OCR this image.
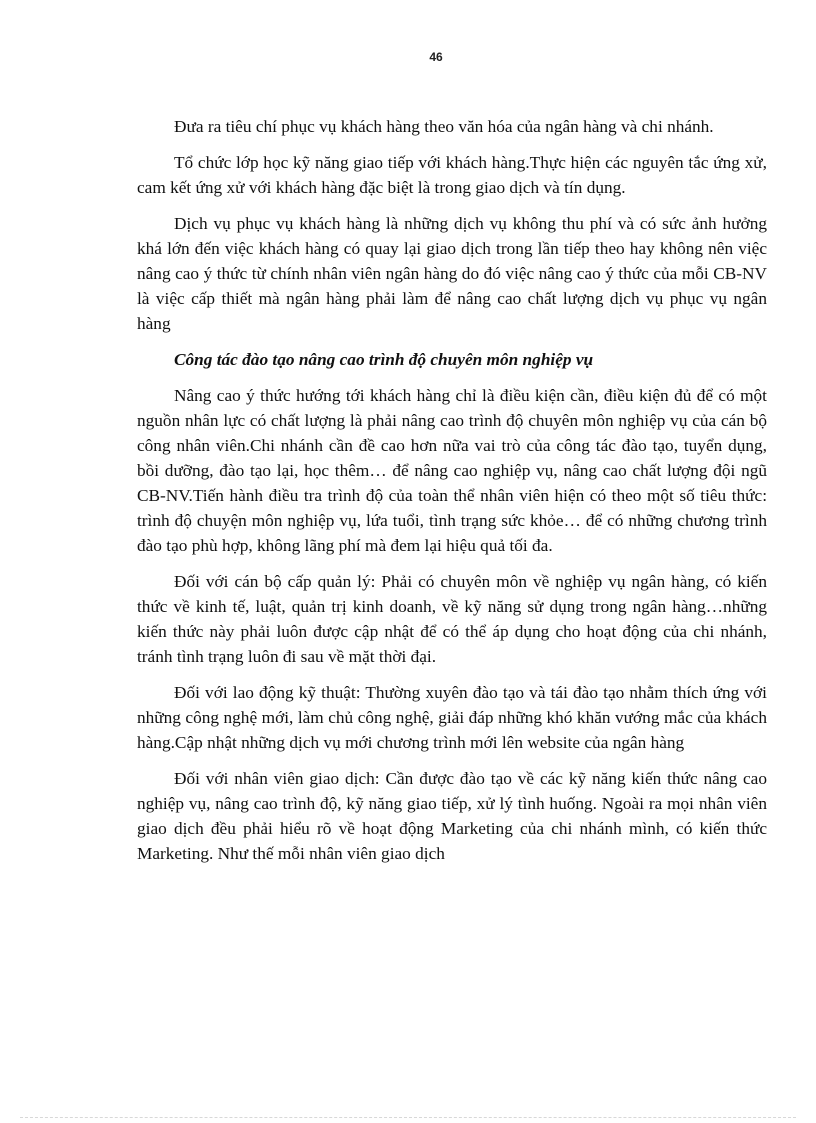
46

Đưa ra tiêu chí phục vụ khách hàng theo văn hóa của ngân hàng và chi nhánh.

Tổ chức lớp học kỹ năng giao tiếp với khách hàng.Thực hiện các nguyên tắc ứng xử, cam kết ứng xử với khách hàng đặc biệt là trong giao dịch và tín dụng.

Dịch vụ phục vụ khách hàng là những dịch vụ không thu phí và có sức ảnh hưởng khá lớn đến việc khách hàng có quay lại giao dịch trong lần tiếp theo hay không nên việc nâng cao ý thức từ chính nhân viên ngân hàng do đó việc nâng cao ý thức của mỗi CB-NV là việc cấp thiết mà ngân hàng phải làm để nâng cao chất lượng dịch vụ phục vụ ngân hàng

Công tác đào tạo nâng cao trình độ chuyên môn nghiệp vụ

Nâng cao ý thức hướng tới khách hàng chỉ là điều kiện cần, điều kiện đủ để có một nguồn nhân lực có chất lượng là phải nâng cao trình độ chuyên môn nghiệp vụ của cán bộ công nhân viên.Chi nhánh cần đề cao hơn nữa vai trò của công tác đào tạo, tuyển dụng, bồi dưỡng, đào tạo lại, học thêm… để nâng cao nghiệp vụ, nâng cao chất lượng đội ngũ CB-NV.Tiến hành điều tra trình độ của toàn thể nhân viên hiện có theo một số tiêu thức: trình độ chuyện môn nghiệp vụ, lứa tuổi, tình trạng sức khỏe… để có những chương trình đào tạo phù hợp, không lãng phí mà đem lại hiệu quả tối đa.

Đối với cán bộ cấp quản lý: Phải có chuyên môn về nghiệp vụ ngân hàng, có kiến thức về kinh tế, luật, quản trị kinh doanh, về kỹ năng sử dụng trong ngân hàng…những kiến thức này phải luôn được cập nhật để có thể áp dụng cho hoạt động của chi nhánh, tránh tình trạng luôn đi sau về mặt thời đại.

Đối với lao động kỹ thuật: Thường xuyên đào tạo và tái đào tạo nhằm thích ứng với những công nghệ mới, làm chủ công nghệ, giải đáp những khó khăn vướng mắc của khách hàng.Cập nhật những dịch vụ mới chương trình mới lên website của ngân hàng

Đối với nhân viên giao dịch: Cần được đào tạo về các kỹ năng kiến thức nâng cao nghiệp vụ, nâng cao trình độ, kỹ năng giao tiếp, xử lý tình huống. Ngoài ra mọi nhân viên giao dịch đều phải hiểu rõ về hoạt động Marketing của chi nhánh mình, có kiến thức Marketing. Như thế mỗi nhân viên giao dịch
